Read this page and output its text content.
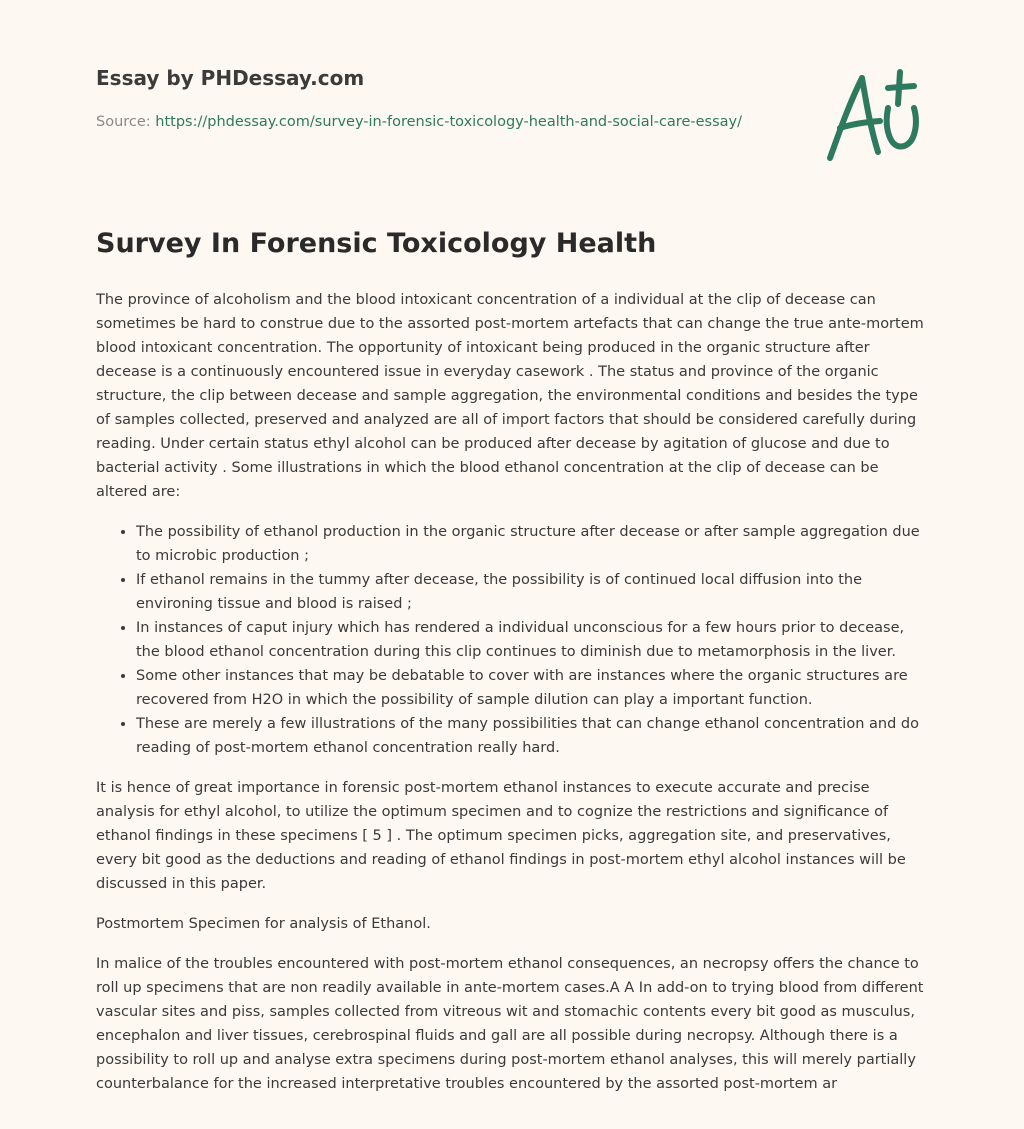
Essay by PHDessay.com
Source: https://phdessay.com/survey-in-forensic-toxicology-health-and-social-care-essay/
Survey In Forensic Toxicology Health

The province of alcoholism and the blood intoxicant concentration of a individual at the clip of decease can sometimes be hard to construe due to the assorted post-mortem artefacts that can change the true ante-mortem blood intoxicant concentration. The opportunity of intoxicant being produced in the organic structure after decease is a continuously encountered issue in everyday casework . The status and province of the organic structure, the clip between decease and sample aggregation, the environmental conditions and besides the type of samples collected, preserved and analyzed are all of import factors that should be considered carefully during reading. Under certain status ethyl alcohol can be produced after decease by agitation of glucose and due to bacterial activity . Some illustrations in which the blood ethanol concentration at the clip of decease can be altered are:

• The possibility of ethanol production in the organic structure after decease or after sample aggregation due to microbic production ;
• If ethanol remains in the tummy after decease, the possibility is of continued local diffusion into the environing tissue and blood is raised ;
• In instances of caput injury which has rendered a individual unconscious for a few hours prior to decease, the blood ethanol concentration during this clip continues to diminish due to metamorphosis in the liver.
• Some other instances that may be debatable to cover with are instances where the organic structures are recovered from H2O in which the possibility of sample dilution can play a important function.
• These are merely a few illustrations of the many possibilities that can change ethanol concentration and do reading of post-mortem ethanol concentration really hard.

It is hence of great importance in forensic post-mortem ethanol instances to execute accurate and precise analysis for ethyl alcohol, to utilize the optimum specimen and to cognize the restrictions and significance of ethanol findings in these specimens [ 5 ] . The optimum specimen picks, aggregation site, and preservatives, every bit good as the deductions and reading of ethanol findings in post-mortem ethyl alcohol instances will be discussed in this paper.

Postmortem Specimen for analysis of Ethanol.

In malice of the troubles encountered with post-mortem ethanol consequences, an necropsy offers the chance to roll up specimens that are non readily available in ante-mortem cases.A A In add-on to trying blood from different vascular sites and piss, samples collected from vitreous wit and stomachic contents every bit good as musculus, encephalon and liver tissues, cerebrospinal fluids and gall are all possible during necropsy. Although there is a possibility to roll up and analyse extra specimens during post-mortem ethanol analyses, this will merely partially counterbalance for the increased interpretative troubles encountered by the assorted post-mortem ar
